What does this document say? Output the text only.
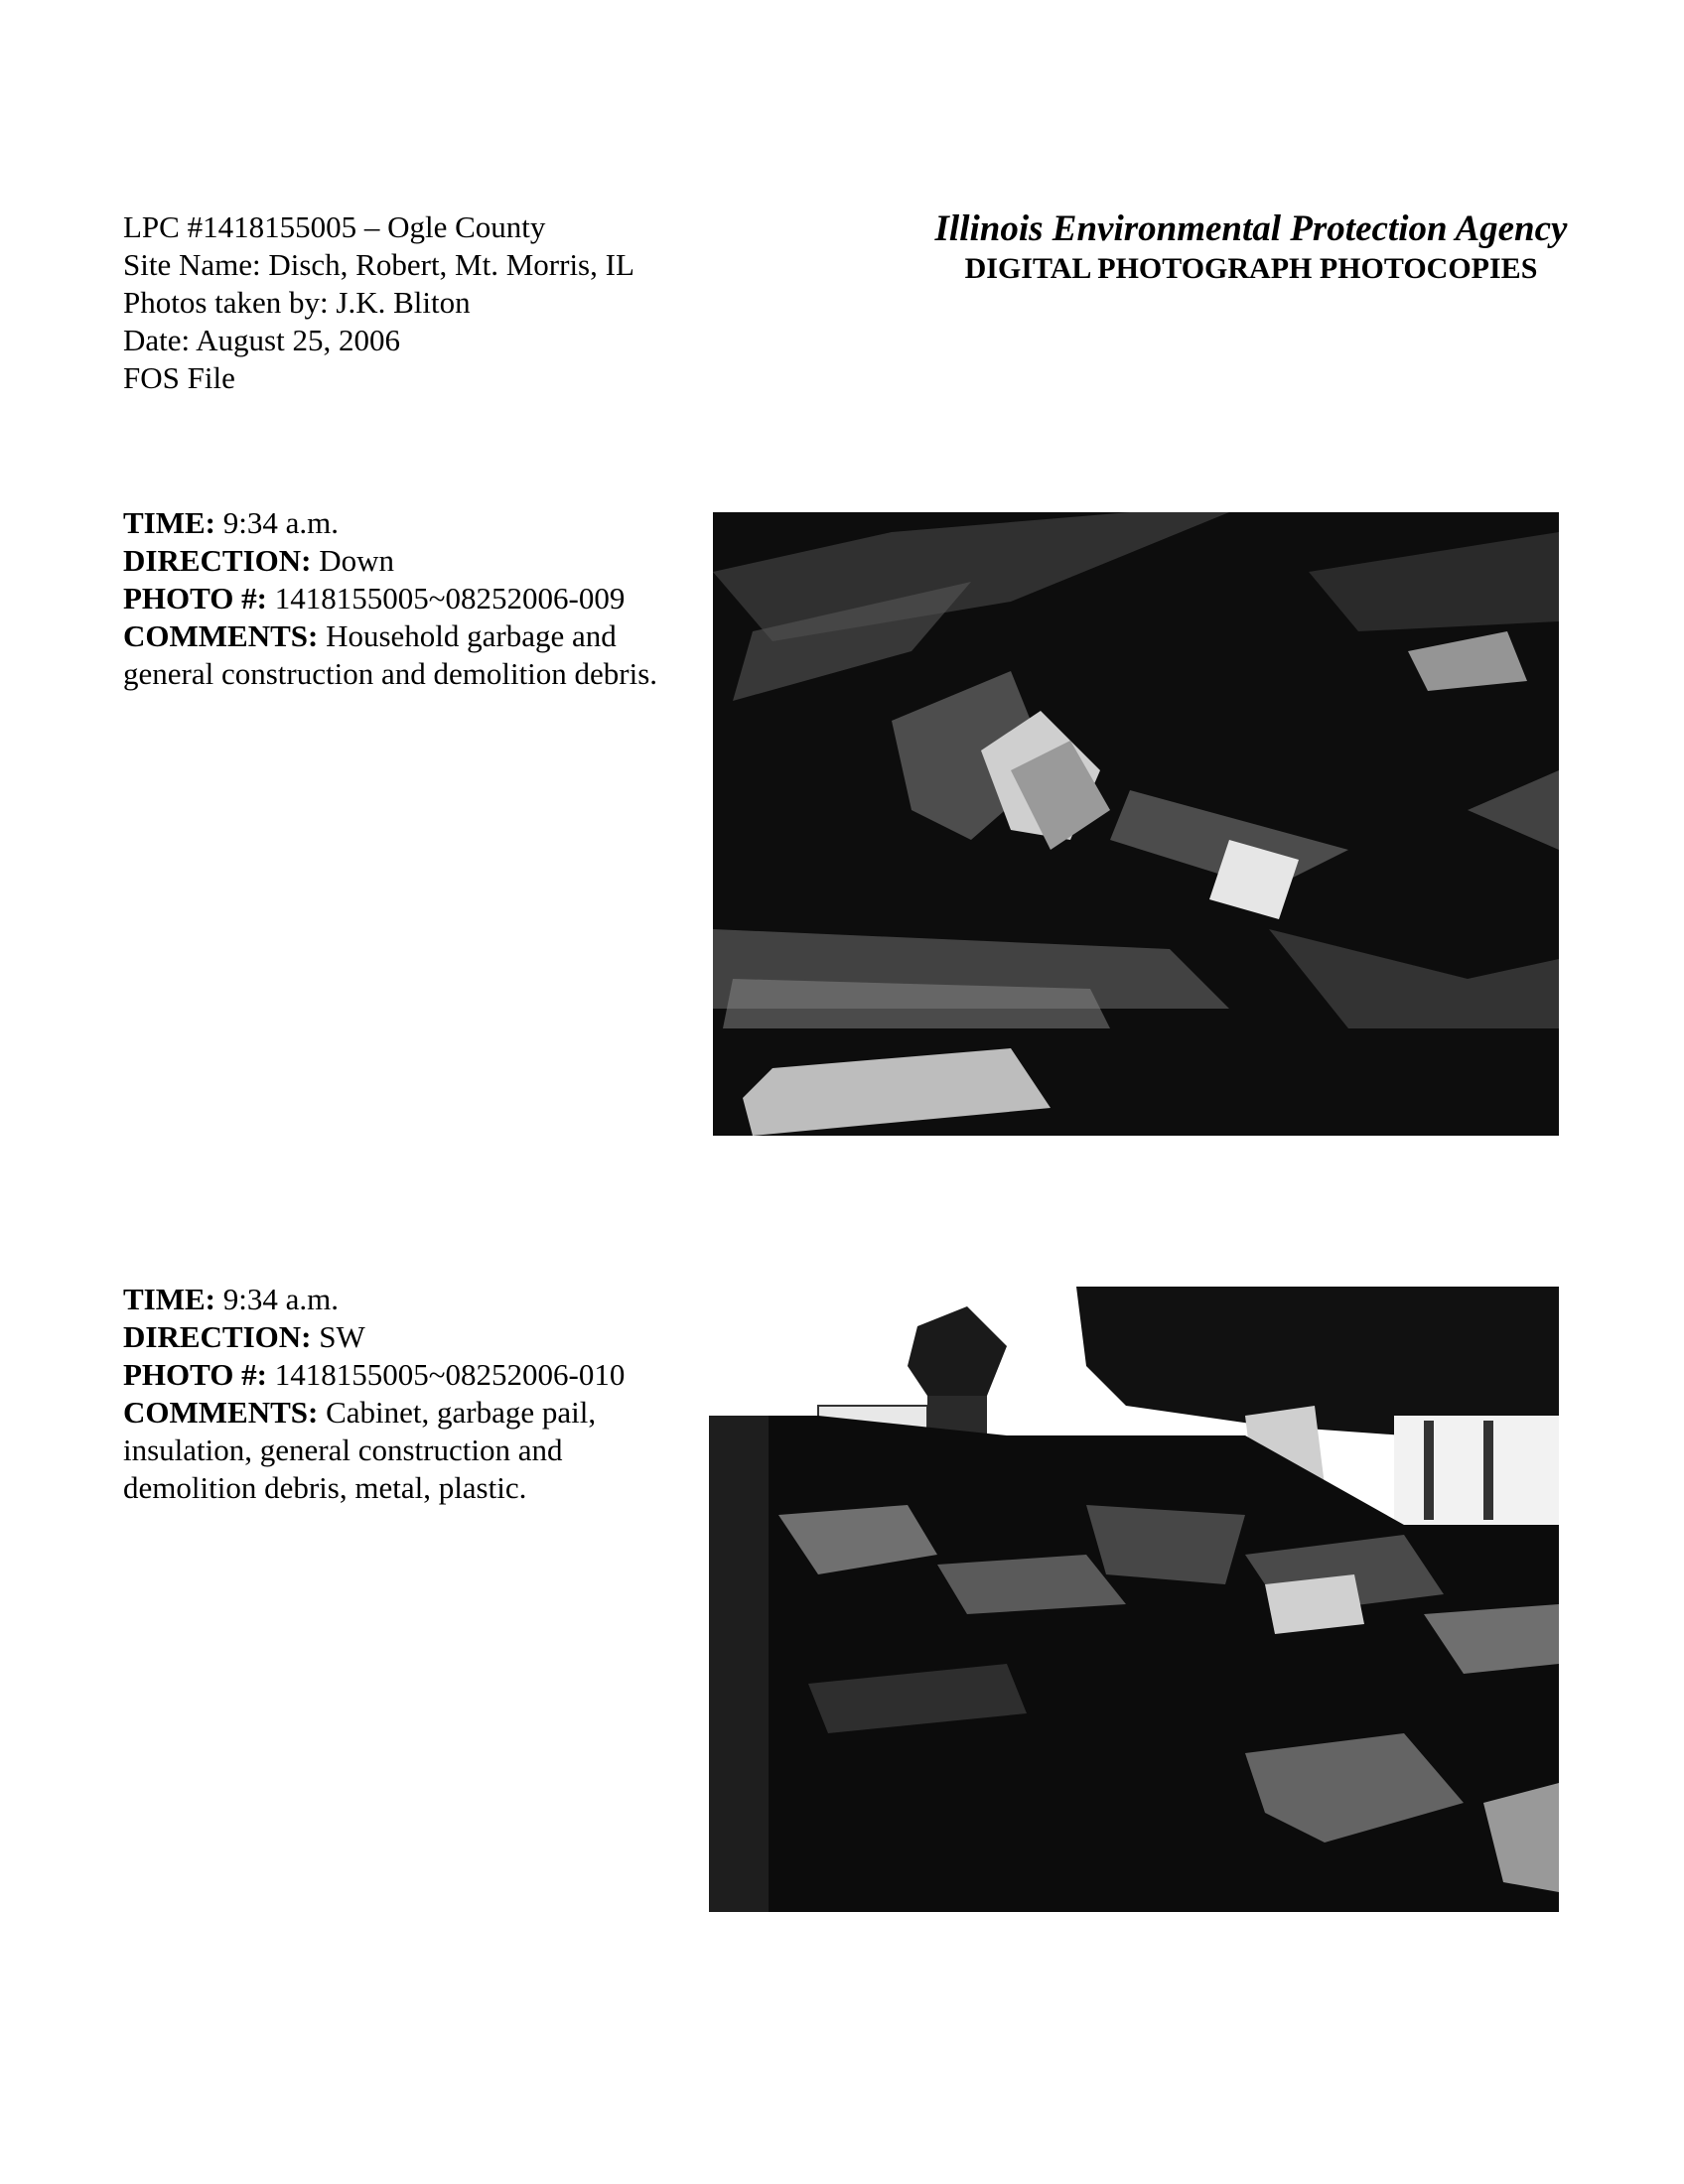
LPC #1418155005 – Ogle County
Site Name: Disch, Robert, Mt. Morris, IL
Photos taken by: J.K. Bliton
Date: August 25, 2006
FOS File
Illinois Environmental Protection Agency
DIGITAL PHOTOGRAPH PHOTOCOPIES
TIME: 9:34 a.m.
DIRECTION: Down
PHOTO #: 1418155005~08252006-009
COMMENTS: Household garbage and general construction and demolition debris.
TIME: 9:34 a.m.
DIRECTION: SW
PHOTO #: 1418155005~08252006-010
COMMENTS: Cabinet, garbage pail, insulation, general construction and demolition debris, metal, plastic.
